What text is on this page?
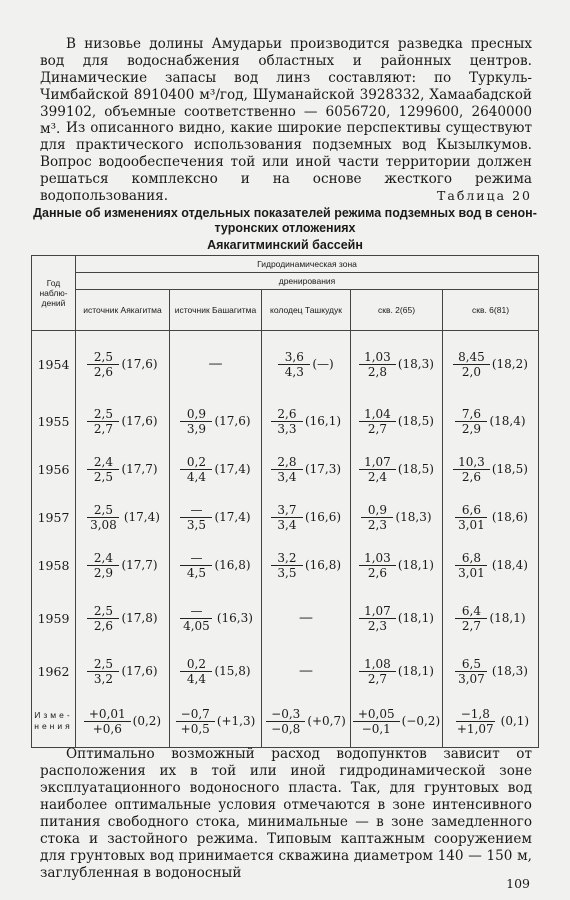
В низовье долины Амударьи производится разведка пресных вод для водоснабжения областных и районных центров. Динамические запасы вод линз составляют: по Туркуль-Чимбайской 8910400 м³/год, Шуманайской 3928332, Хамаабадской 399102, объемные соответственно — 6056720, 1299600, 2640000 м³. Из описанного видно, какие широкие перспективы существуют для практического использования подземных вод Кызылкумов. Вопрос водообеспечения той или иной части территории должен решаться комплексно и на основе жесткого режима водопользования.	Таблица 20
Данные об изменениях отдельных показателей режима подземных вод в сенон-туронских отложениях
Аякагитминский бассейн
Год наблю-дений	Гидродинамическая зона				
	дренирования				
	источник Аякагитма	источник Башагитма	колодец Ташкудук	скв. 2(65)	скв. 6(81)
1954	$\frac{2,5}{2,6} (17,6)$	—	$\frac{3,6}{4,3}$ (—)	$\frac{1,03}{2,8} (18,3)$	$\frac{8,45}{2,0} (18,2)$

1955	$\frac{2,5}{2,7} (17,6)$	$\frac{0,9}{3,9} (17,6)$	$\frac{2,6}{3,3} (16,1)$	$\frac{1,04}{2,7} (18,5)$	$\frac{7,6}{2,9} (18,4)$

1956	$\frac{2,4}{2,5} (17,7)$	$\frac{0,2}{4,4} (17,4)$	$\frac{2,8}{3,4} (17,3)$	$\frac{1,07}{2,4} (18,5)$	$\frac{10,3}{2,6} (18,5)$

1957	$\frac{2,5}{3,08} (17,4)$	$\frac{—}{3,5} (17,4)$	$\frac{3,7}{3,4} (16,6)$	$\frac{0,9}{2,3} (18,3)$	$\frac{6,6}{3,01} (18,6)$

1958	$\frac{2,4}{2,9} (17,7)$	$\frac{—}{4,5} (16,8)$	$\frac{3,2}{3,5} (16,8)$	$\frac{1,03}{2,6} (18,1)$	$\frac{6,8}{3,01} (18,4)$

1959	$\frac{2,5}{2,6} (17,8)$	$\frac{—}{4,05} (16,3)$	—	$\frac{1,07}{2,3} (18,1)$	$\frac{6,4}{2,7} (18,1)$

1962	$\frac{2,5}{3,2} (17,6)$	$\frac{0,2}{4,4} (15,8)$	—	$\frac{1,08}{2,7} (18,1)$	$\frac{6,5}{3,07} (18,3)$

Изме-нения	$\frac{+0,01}{+0,6} (0,2)$	$\frac{-0,7}{+0,5} (+1,3)$	$\frac{-0,3}{-0,8} (+0,7)$	$\frac{+0,05}{-0,1} (-0,2)$	$\frac{-1,8}{+1,07} (0,1)$

Оптимально возможный расход водопунктов зависит от расположения их в той или иной гидродинамической зоне эксплуатационного водоносного пласта. Так, для грунтовых вод наиболее оптимальные условия отмечаются в зоне интенсивного питания свободного стока, минимальные — в зоне замедленного стока и застойного режима. Типовым каптажным сооружением для грунтовых вод принимается скважина диаметром 140 — 150 м, заглубленная в водоносный

109
